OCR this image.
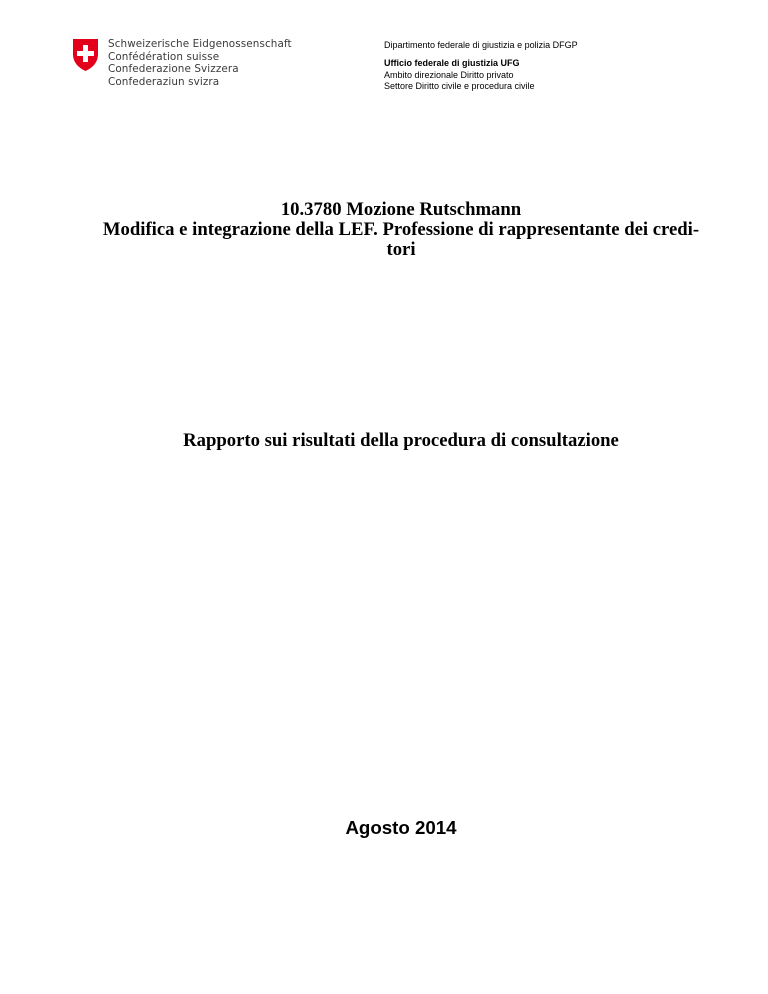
Schweizerische Eidgenossenschaft
Confédération suisse
Confederazione Svizzera
Confederaziun svizra
Dipartimento federale di giustizia e polizia DFGP
Ufficio federale di giustizia UFG
Ambito direzionale Diritto privato
Settore Diritto civile e procedura civile
10.3780 Mozione Rutschmann
Modifica e integrazione della LEF. Professione di rappresentante dei credi-
tori
Rapporto sui risultati della procedura di consultazione
Agosto 2014
